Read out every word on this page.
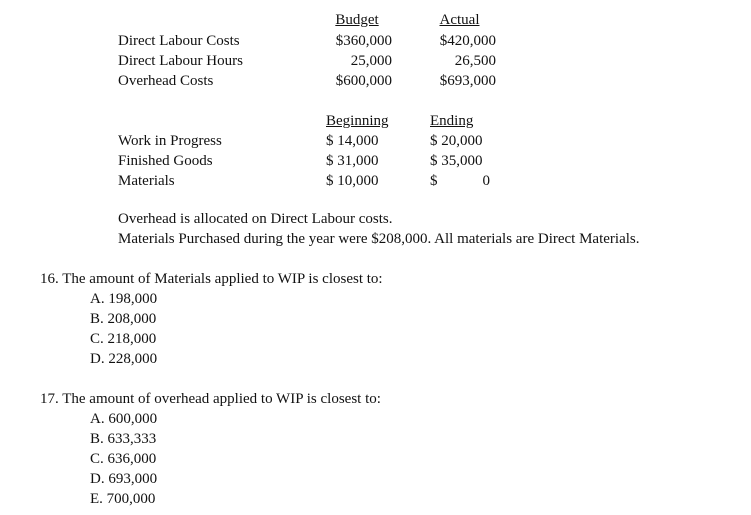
Budget	Actual
Direct Labour Costs	$360,000	$420,000
Direct Labour Hours	25,000	26,500
Overhead Costs	$600,000	$693,000
Beginning	Ending
Work in Progress	$ 14,000	$ 20,000
Finished Goods	$ 31,000	$ 35,000
Materials	$ 10,000	$	0
Overhead is allocated on Direct Labour costs.
Materials Purchased during the year were $208,000. All materials are Direct Materials.
16. The amount of Materials applied to WIP is closest to:
A. 198,000
B. 208,000
C. 218,000
D. 228,000
17. The amount of overhead applied to WIP is closest to:
A. 600,000
B. 633,333
C. 636,000
D. 693,000
E. 700,000
